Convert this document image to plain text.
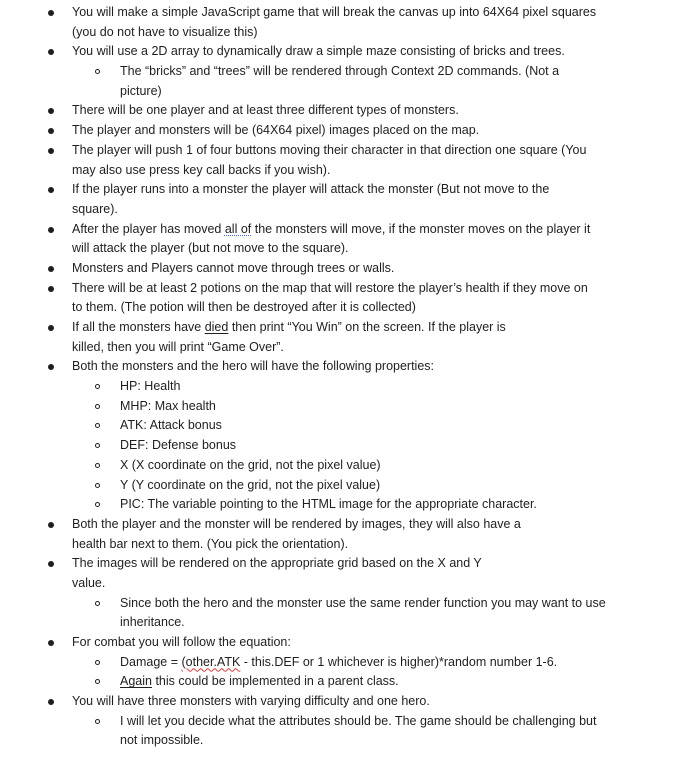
You will make a simple JavaScript game that will break the canvas up into 64X64 pixel squares
(you do not have to visualize this)
You will use a 2D array to dynamically draw a simple maze consisting of bricks and trees.
The “bricks” and “trees” will be rendered through Context 2D commands. (Not a
picture)
There will be one player and at least three different types of monsters.
The player and monsters will be (64X64 pixel) images placed on the map.
The player will push 1 of four buttons moving their character in that direction one square (You
may also use press key call backs if you wish).
If the player runs into a monster the player will attack the monster (But not move to the
square).
After the player has moved all of the monsters will move, if the monster moves on the player it
will attack the player (but not move to the square).
Monsters and Players cannot move through trees or walls.
There will be at least 2 potions on the map that will restore the player’s health if they move on
to them. (The potion will then be destroyed after it is collected)
If all the monsters have died then print “You Win” on the screen. If the player is
killed, then you will print “Game Over”.
Both the monsters and the hero will have the following properties:
HP: Health
MHP: Max health
ATK: Attack bonus
DEF: Defense bonus
X (X coordinate on the grid, not the pixel value)
Y (Y coordinate on the grid, not the pixel value)
PIC: The variable pointing to the HTML image for the appropriate character.
Both the player and the monster will be rendered by images, they will also have a
health bar next to them. (You pick the orientation).
The images will be rendered on the appropriate grid based on the X and Y
value.
Since both the hero and the monster use the same render function you may want to use
inheritance.
For combat you will follow the equation:
Damage = (other.ATK - this.DEF or 1 whichever is higher)*random number 1-6.
Again this could be implemented in a parent class.
You will have three monsters with varying difficulty and one hero.
I will let you decide what the attributes should be. The game should be challenging but
not impossible.
